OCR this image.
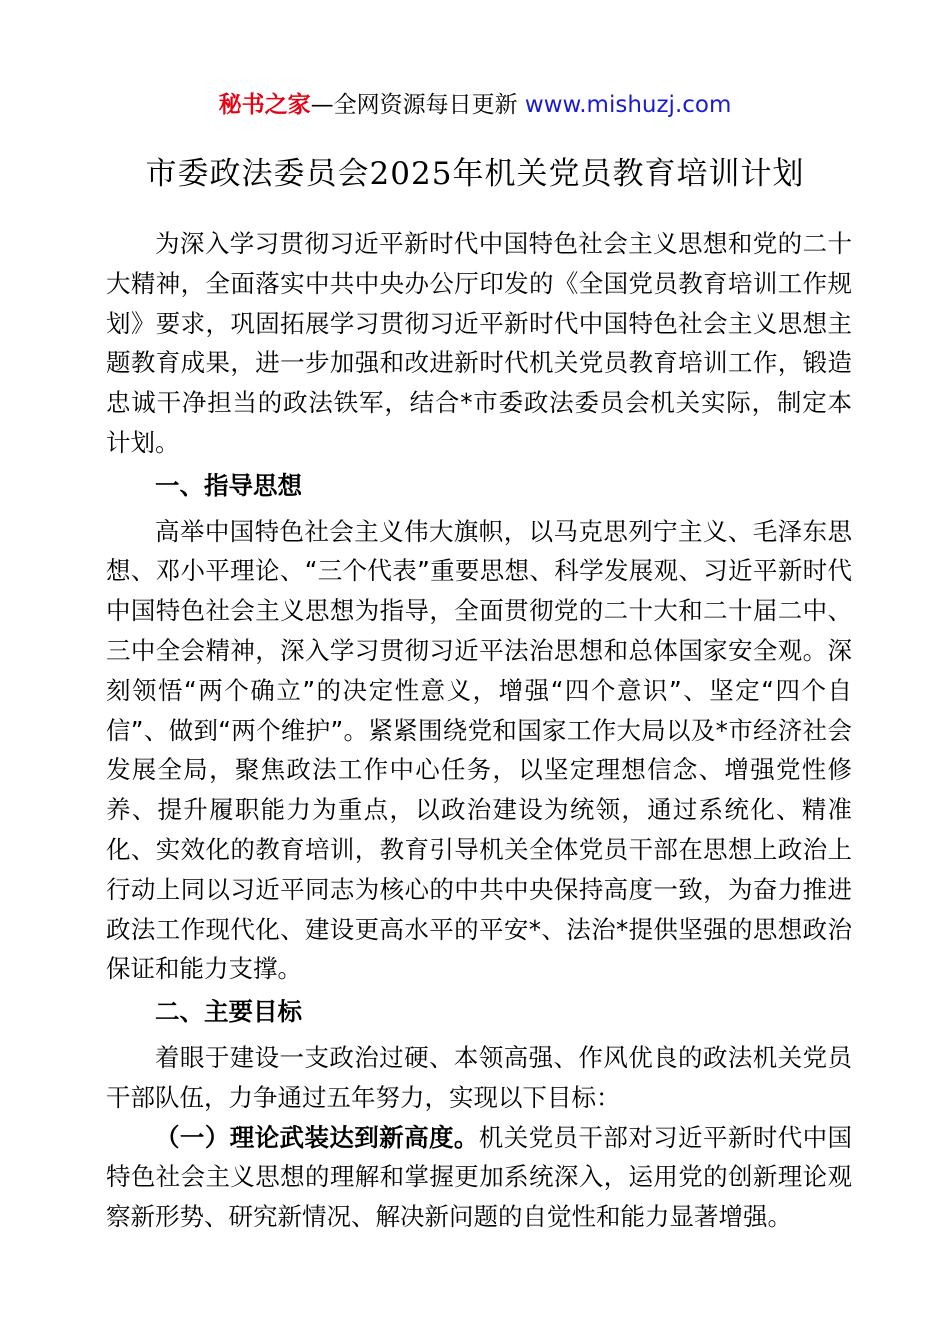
秘书之家—全网资源每日更新 www.mishuzj.com
市委政法委员会2025年机关党员教育培训计划

为深入学习贯彻习近平新时代中国特色社会主义思想和党的二十大精神，全面落实中共中央办公厅印发的《全国党员教育培训工作规划》要求，巩固拓展学习贯彻习近平新时代中国特色社会主义思想主题教育成果，进一步加强和改进新时代机关党员教育培训工作，锻造忠诚干净担当的政法铁军，结合*市委政法委员会机关实际，制定本计划。

一、指导思想

高举中国特色社会主义伟大旗帜，以马克思列宁主义、毛泽东思想、邓小平理论、“三个代表”重要思想、科学发展观、习近平新时代中国特色社会主义思想为指导，全面贯彻党的二十大和二十届二中、三中全会精神，深入学习贯彻习近平法治思想和总体国家安全观。深刻领悟“两个确立”的决定性意义，增强“四个意识”、坚定“四个自信”、做到“两个维护”。紧紧围绕党和国家工作大局以及*市经济社会发展全局，聚焦政法工作中心任务，以坚定理想信念、增强党性修养、提升履职能力为重点，以政治建设为统领，通过系统化、精准化、实效化的教育培训，教育引导机关全体党员干部在思想上政治上行动上同以习近平同志为核心的中共中央保持高度一致，为奋力推进政法工作现代化、建设更高水平的平安*、法治*提供坚强的思想政治保证和能力支撑。

二、主要目标

着眼于建设一支政治过硬、本领高强、作风优良的政法机关党员干部队伍，力争通过五年努力，实现以下目标：

（一）理论武装达到新高度。机关党员干部对习近平新时代中国特色社会主义思想的理解和掌握更加系统深入，运用党的创新理论观察新形势、研究新情况、解决新问题的自觉性和能力显著增强。
